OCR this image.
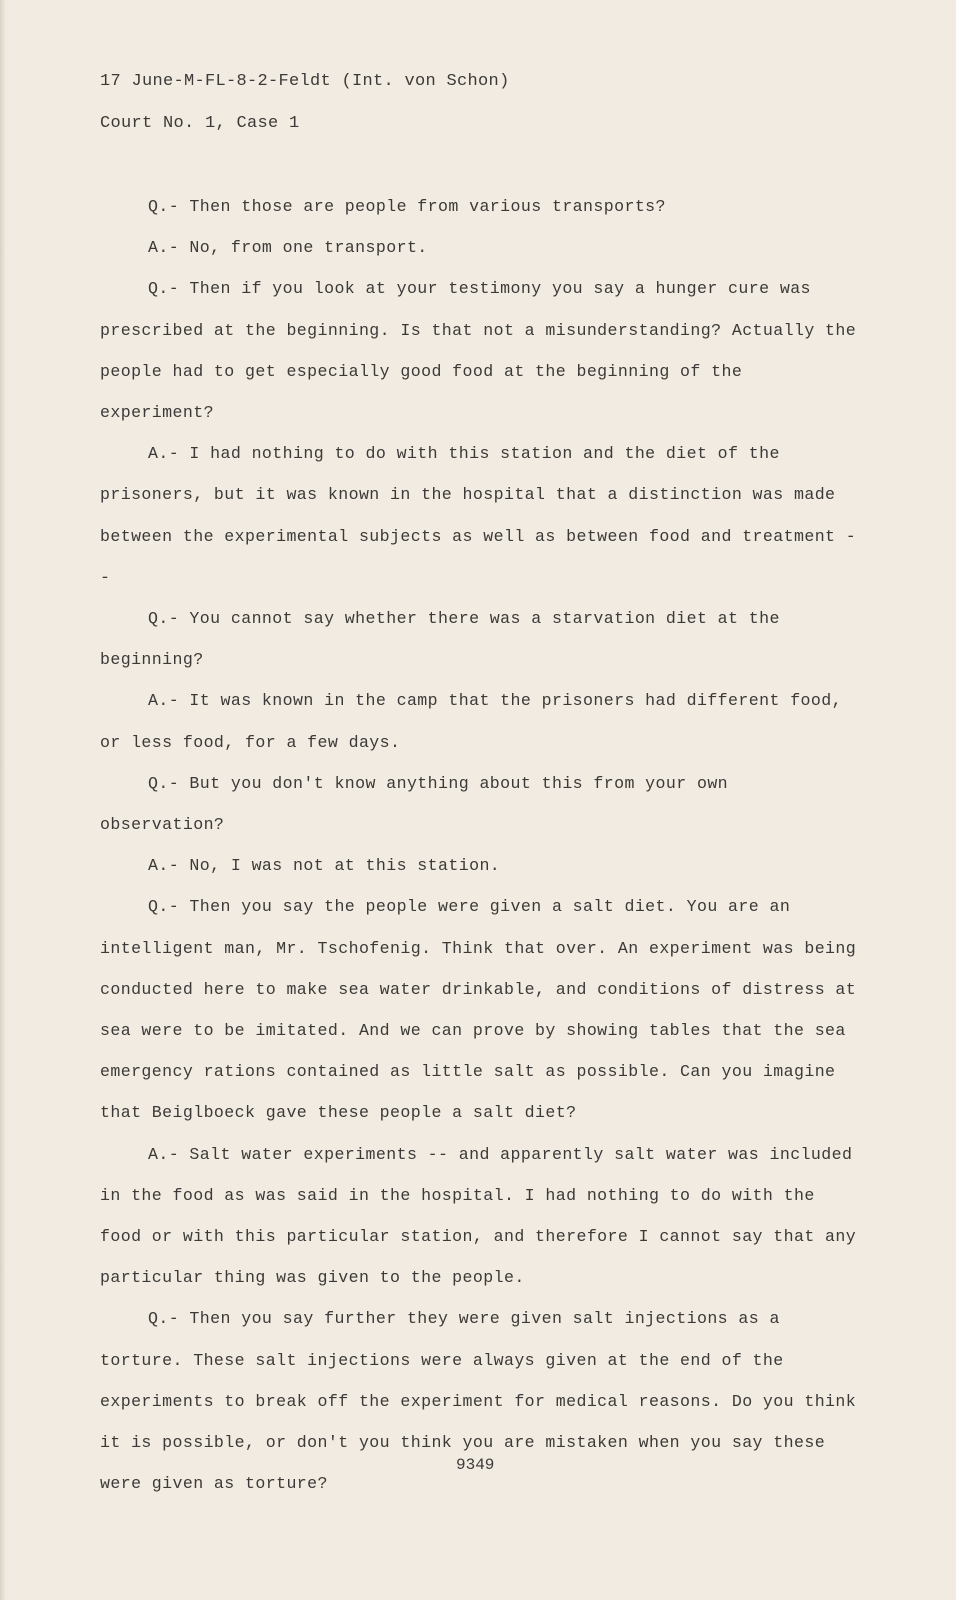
17 June-M-FL-8-2-Feldt (Int. von Schon)
Court No. 1, Case 1

Q.- Then those are people from various transports?

A.- No, from one transport.

Q.- Then if you look at your testimony you say a hunger cure was prescribed at the beginning. Is that not a misunderstanding? Actually the people had to get especially good food at the beginning of the experiment?

A.- I had nothing to do with this station and the diet of the prisoners, but it was known in the hospital that a distinction was made between the experimental subjects as well as between food and treatment --

Q.- You cannot say whether there was a starvation diet at the beginning?

A.- It was known in the camp that the prisoners had different food, or less food, for a few days.

Q.- But you don't know anything about this from your own observation?

A.- No, I was not at this station.

Q.- Then you say the people were given a salt diet. You are an intelligent man, Mr. Tschofenig. Think that over. An experiment was being conducted here to make sea water drinkable, and conditions of distress at sea were to be imitated. And we can prove by showing tables that the sea emergency rations contained as little salt as possible. Can you imagine that Beiglboeck gave these people a salt diet?

A.- Salt water experiments -- and apparently salt water was included in the food as was said in the hospital. I had nothing to do with the food or with this particular station, and therefore I cannot say that any particular thing was given to the people.

Q.- Then you say further they were given salt injections as a torture. These salt injections were always given at the end of the experiments to break off the experiment for medical reasons. Do you think it is possible, or don't you think you are mistaken when you say these were given as torture?

9349
